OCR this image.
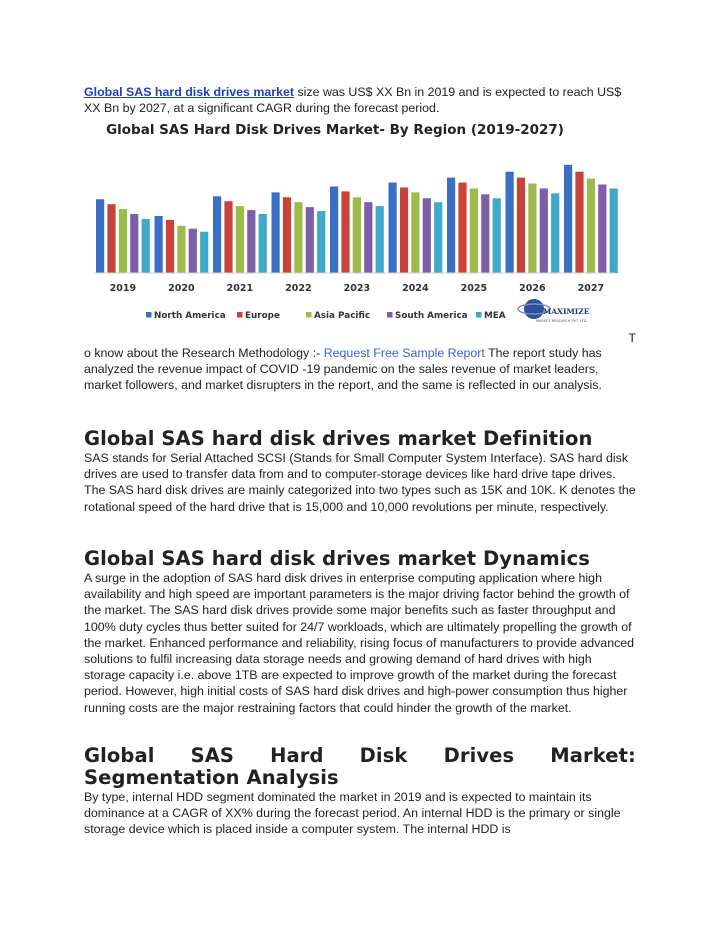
Global SAS hard disk drives market size was US$ XX Bn in 2019 and is expected to reach US$ XX Bn by 2027, at a significant CAGR during the forecast period.

Global SAS Hard Disk Drives Market- By Region (2019-2027)
2019	2020	2021	2022	2023	2024	2025	2026	2027
North America Europe	Asia Pacific	South America MEA	MAXIMIZE
MARKET RESEARCH PVT. LTD.
T

o know about the Research Methodology :- Request Free Sample Report The report study has analyzed the revenue impact of COVID -19 pandemic on the sales revenue of market leaders, market followers, and market disrupters in the report, and the same is reflected in our analysis.

Global SAS hard disk drives market Definition

SAS stands for Serial Attached SCSI (Stands for Small Computer System Interface). SAS hard disk drives are used to transfer data from and to computer-storage devices like hard drive tape drives. The SAS hard disk drives are mainly categorized into two types such as 15K and 10K. K denotes the rotational speed of the hard drive that is 15,000 and 10,000 revolutions per minute, respectively.

Global SAS hard disk drives market Dynamics

A surge in the adoption of SAS hard disk drives in enterprise computing application where high availability and high speed are important parameters is the major driving factor behind the growth of the market. The SAS hard disk drives provide some major benefits such as faster throughput and 100% duty cycles thus better suited for 24/7 workloads, which are ultimately propelling the growth of the market. Enhanced performance and reliability, rising focus of manufacturers to provide advanced solutions to fulfil increasing data storage needs and growing demand of hard drives with high storage capacity i.e. above 1TB are expected to improve growth of the market during the forecast period. However, high initial costs of SAS hard disk drives and high-power consumption thus higher running costs are the major restraining factors that could hinder the growth of the market.

Global SAS Hard Disk Drives Market:
Segmentation Analysis

By type, internal HDD segment dominated the market in 2019 and is expected to maintain its dominance at a CAGR of XX% during the forecast period. An internal HDD is the primary or single storage device which is placed inside a computer system. The internal HDD is
